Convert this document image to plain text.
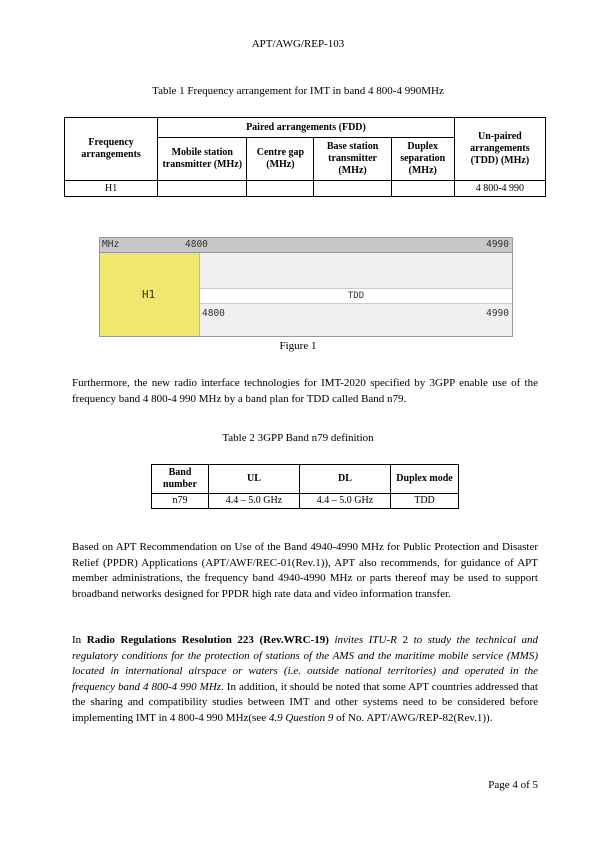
APT/AWG/REP-103
Table 1 Frequency arrangement for IMT in band 4 800-4 990MHz
Frequency arrangements	Paired arrangements (FDD)				Un-paired arrangements (TDD) (MHz)
	Mobile station transmitter (MHz)	Centre gap (MHz)	Base station transmitter (MHz)	Duplex separation (MHz)	
H1					4 800-4 990
MHz	4800	4990
H1	TDD
4800	4990
Figure 1
Furthermore, the new radio interface technologies for IMT-2020 specified by 3GPP enable use of the frequency band 4 800-4 990 MHz by a band plan for TDD called Band n79.
Table 2 3GPP Band n79 definition
Band number	UL	DL	Duplex mode
n79	4.4 – 5.0 GHz	4.4 – 5.0 GHz	TDD
Based on APT Recommendation on Use of the Band 4940-4990 MHz for Public Protection and Disaster Relief (PPDR) Applications (APT/AWF/REC-01(Rev.1)), APT also recommends, for guidance of APT member administrations, the frequency band 4940-4990 MHz or parts thereof may be used to support broadband networks designed for PPDR high rate data and video information transfer.
In Radio Regulations Resolution 223 (Rev.WRC-19) invites ITU-R 2 to study the technical and regulatory conditions for the protection of stations of the AMS and the maritime mobile service (MMS) located in international airspace or waters (i.e. outside national territories) and operated in the frequency band 4 800-4 990 MHz. In addition, it should be noted that some APT countries addressed that the sharing and compatibility studies between IMT and other systems need to be considered before implementing IMT in 4 800-4 990 MHz(see 4.9 Question 9 of No. APT/AWG/REP-82(Rev.1)).
Page 4 of 5
